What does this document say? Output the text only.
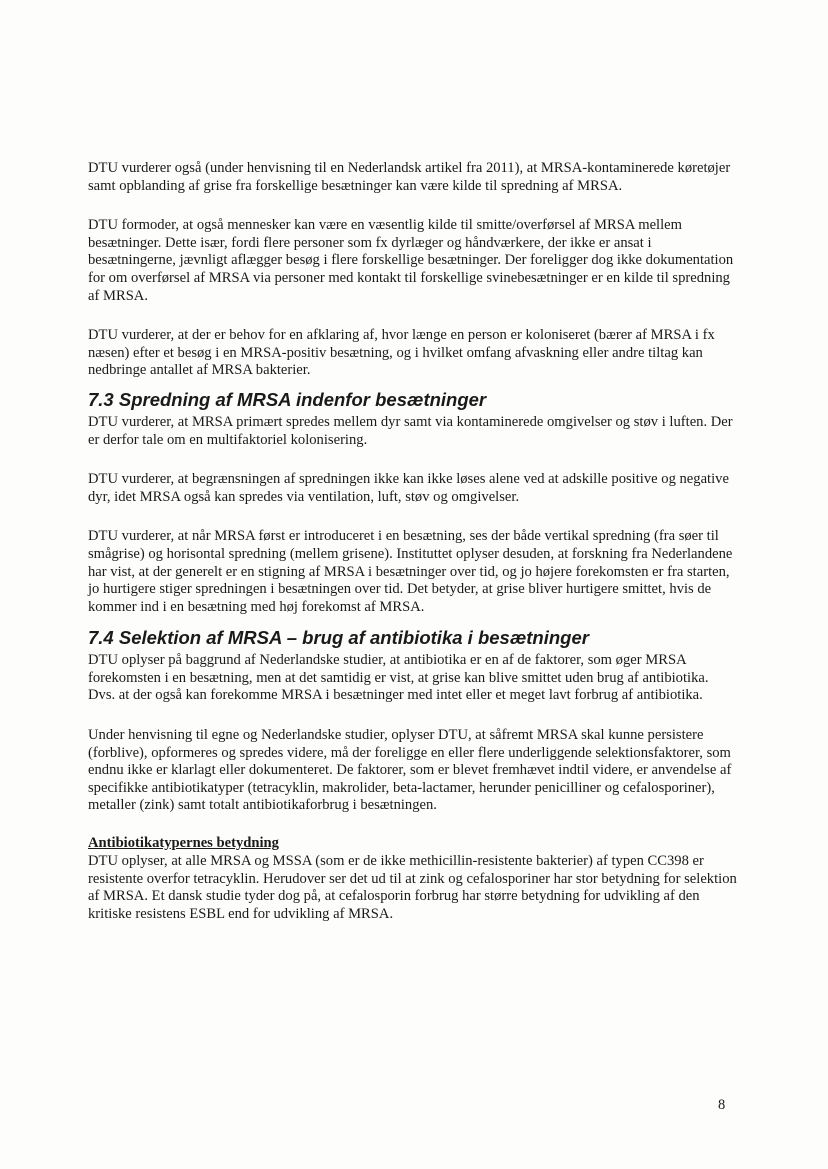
DTU vurderer også (under henvisning til en Nederlandsk artikel fra 2011), at MRSA-kontaminerede køretøjer samt opblanding af grise fra forskellige besætninger kan være kilde til spredning af MRSA.

DTU formoder, at også mennesker kan være en væsentlig kilde til smitte/overførsel af MRSA mellem besætninger. Dette især, fordi flere personer som fx dyrlæger og håndværkere, der ikke er ansat i besætningerne, jævnligt aflægger besøg i flere forskellige besætninger. Der foreligger dog ikke dokumentation for om overførsel af MRSA via personer med kontakt til forskellige svinebesætninger er en kilde til spredning af MRSA.

DTU vurderer, at der er behov for en afklaring af, hvor længe en person er koloniseret (bærer af MRSA i fx næsen) efter et besøg i en MRSA-positiv besætning, og i hvilket omfang afvaskning eller andre tiltag kan nedbringe antallet af MRSA bakterier.

7.3 Spredning af MRSA indenfor besætninger

DTU vurderer, at MRSA primært spredes mellem dyr samt via kontaminerede omgivelser og støv i luften. Der er derfor tale om en multifaktoriel kolonisering.

DTU vurderer, at begrænsningen af spredningen ikke kan ikke løses alene ved at adskille positive og negative dyr, idet MRSA også kan spredes via ventilation, luft, støv og omgivelser.

DTU vurderer, at når MRSA først er introduceret i en besætning, ses der både vertikal spredning (fra søer til smågrise) og horisontal spredning (mellem grisene). Instituttet oplyser desuden, at forskning fra Nederlandene har vist, at der generelt er en stigning af MRSA i besætninger over tid, og jo højere forekomsten er fra starten, jo hurtigere stiger spredningen i besætningen over tid. Det betyder, at grise bliver hurtigere smittet, hvis de kommer ind i en besætning med høj forekomst af MRSA.

7.4 Selektion af MRSA – brug af antibiotika i besætninger

DTU oplyser på baggrund af Nederlandske studier, at antibiotika er en af de faktorer, som øger MRSA forekomsten i en besætning, men at det samtidig er vist, at grise kan blive smittet uden brug af antibiotika. Dvs. at der også kan forekomme MRSA i besætninger med intet eller et meget lavt forbrug af antibiotika.

Under henvisning til egne og Nederlandske studier, oplyser DTU, at såfremt MRSA skal kunne persistere (forblive), opformeres og spredes videre, må der foreligge en eller flere underliggende selektionsfaktorer, som endnu ikke er klarlagt eller dokumenteret. De faktorer, som er blevet fremhævet indtil videre, er anvendelse af specifikke antibiotikatyper (tetracyklin, makrolider, beta-lactamer, herunder penicilliner og cefalosporiner), metaller (zink) samt totalt antibiotikaforbrug i besætningen.

Antibiotikatypernes betydning

DTU oplyser, at alle MRSA og MSSA (som er de ikke methicillin-resistente bakterier) af typen CC398 er resistente overfor tetracyklin. Herudover ser det ud til at zink og cefalosporiner har stor betydning for selektion af MRSA. Et dansk studie tyder dog på, at cefalosporin forbrug har større betydning for udvikling af den kritiske resistens ESBL end for udvikling af MRSA.

8
